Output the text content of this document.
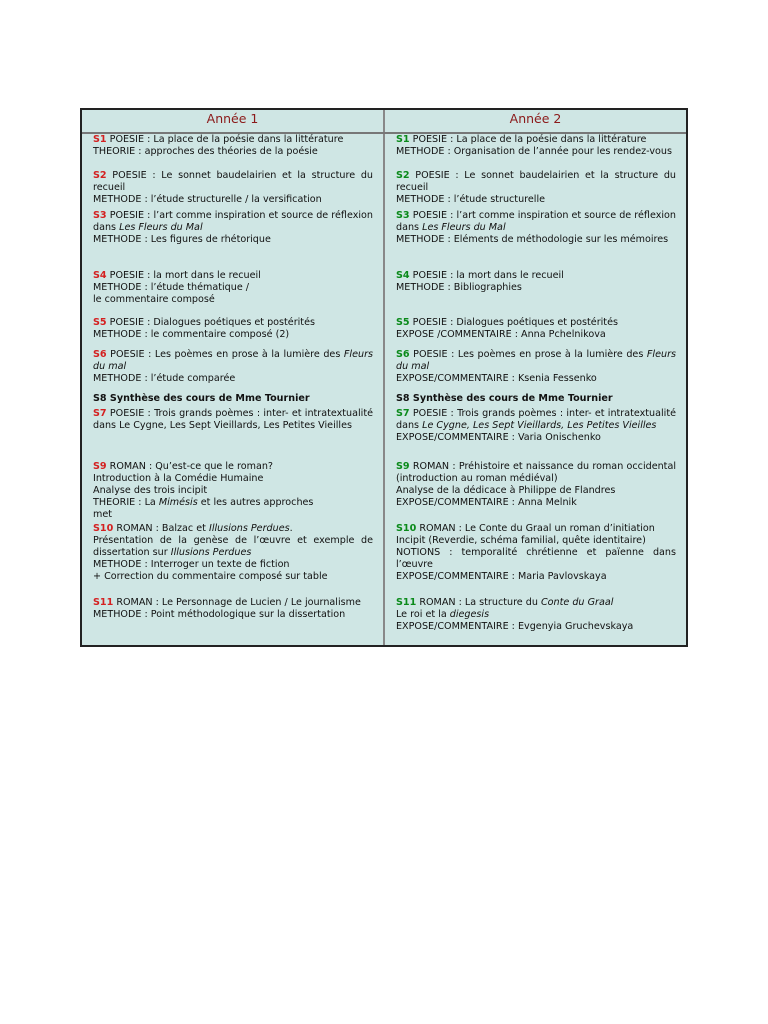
Année 1	Année 2
S1 POESIE : La place de la poésie dans la littérature
THEORIE : approches des théories de la poésie
S2 POESIE : Le sonnet baudelairien et la structure du recueil
METHODE : l’étude structurelle / la versification
S3 POESIE : l’art comme inspiration et source de réflexion dans Les Fleurs du Mal
METHODE : Les figures de rhétorique
S4 POESIE : la mort dans le recueil
METHODE : l’étude thématique /
le commentaire composé
S5 POESIE : Dialogues poétiques et postérités
METHODE : le commentaire composé (2)
S6 POESIE : Les poèmes en prose à la lumière des Fleurs du mal
METHODE : l’étude comparée
S8 Synthèse des cours de Mme Tournier
S7 POESIE : Trois grands poèmes : inter- et intratextualité dans Le Cygne, Les Sept Vieillards, Les Petites Vieilles
S9 ROMAN : Qu’est-ce que le roman?
Introduction à la Comédie Humaine
Analyse des trois incipit
THEORIE : La Mimésis et les autres approches
met
S10 ROMAN : Balzac et Illusions Perdues.
Présentation de la genèse de l’œuvre et exemple de dissertation sur Illusions Perdues
METHODE : Interroger un texte de fiction
+ Correction du commentaire composé sur table
S11 ROMAN : Le Personnage de Lucien / Le journalisme
METHODE : Point méthodologique sur la dissertation
S1 POESIE : La place de la poésie dans la littérature
METHODE : Organisation de l’année pour les rendez-vous
S2 POESIE : Le sonnet baudelairien et la structure du recueil
METHODE : l’étude structurelle
S3 POESIE : l’art comme inspiration et source de réflexion dans Les Fleurs du Mal
METHODE : Eléments de méthodologie sur les mémoires
S4 POESIE : la mort dans le recueil
METHODE : Bibliographies
S5 POESIE : Dialogues poétiques et postérités
EXPOSE /COMMENTAIRE : Anna Pchelnikova
S6 POESIE : Les poèmes en prose à la lumière des Fleurs du mal
EXPOSE/COMMENTAIRE : Ksenia Fessenko
S8 Synthèse des cours de Mme Tournier
S7 POESIE : Trois grands poèmes : inter- et intratextualité dans Le Cygne, Les Sept Vieillards, Les Petites Vieilles
EXPOSE/COMMENTAIRE : Varia Onischenko
S9 ROMAN : Préhistoire et naissance du roman occidental (introduction au roman médiéval)
Analyse de la dédicace à Philippe de Flandres
EXPOSE/COMMENTAIRE : Anna Melnik
S10 ROMAN : Le Conte du Graal un roman d’initiation
Incipit (Reverdie, schéma familial, quête identitaire)
NOTIONS : temporalité chrétienne et païenne dans l’œuvre
EXPOSE/COMMENTAIRE : Maria Pavlovskaya
S11 ROMAN : La structure du Conte du Graal
Le roi et la diegesis
EXPOSE/COMMENTAIRE : Evgenyia Gruchevskaya
